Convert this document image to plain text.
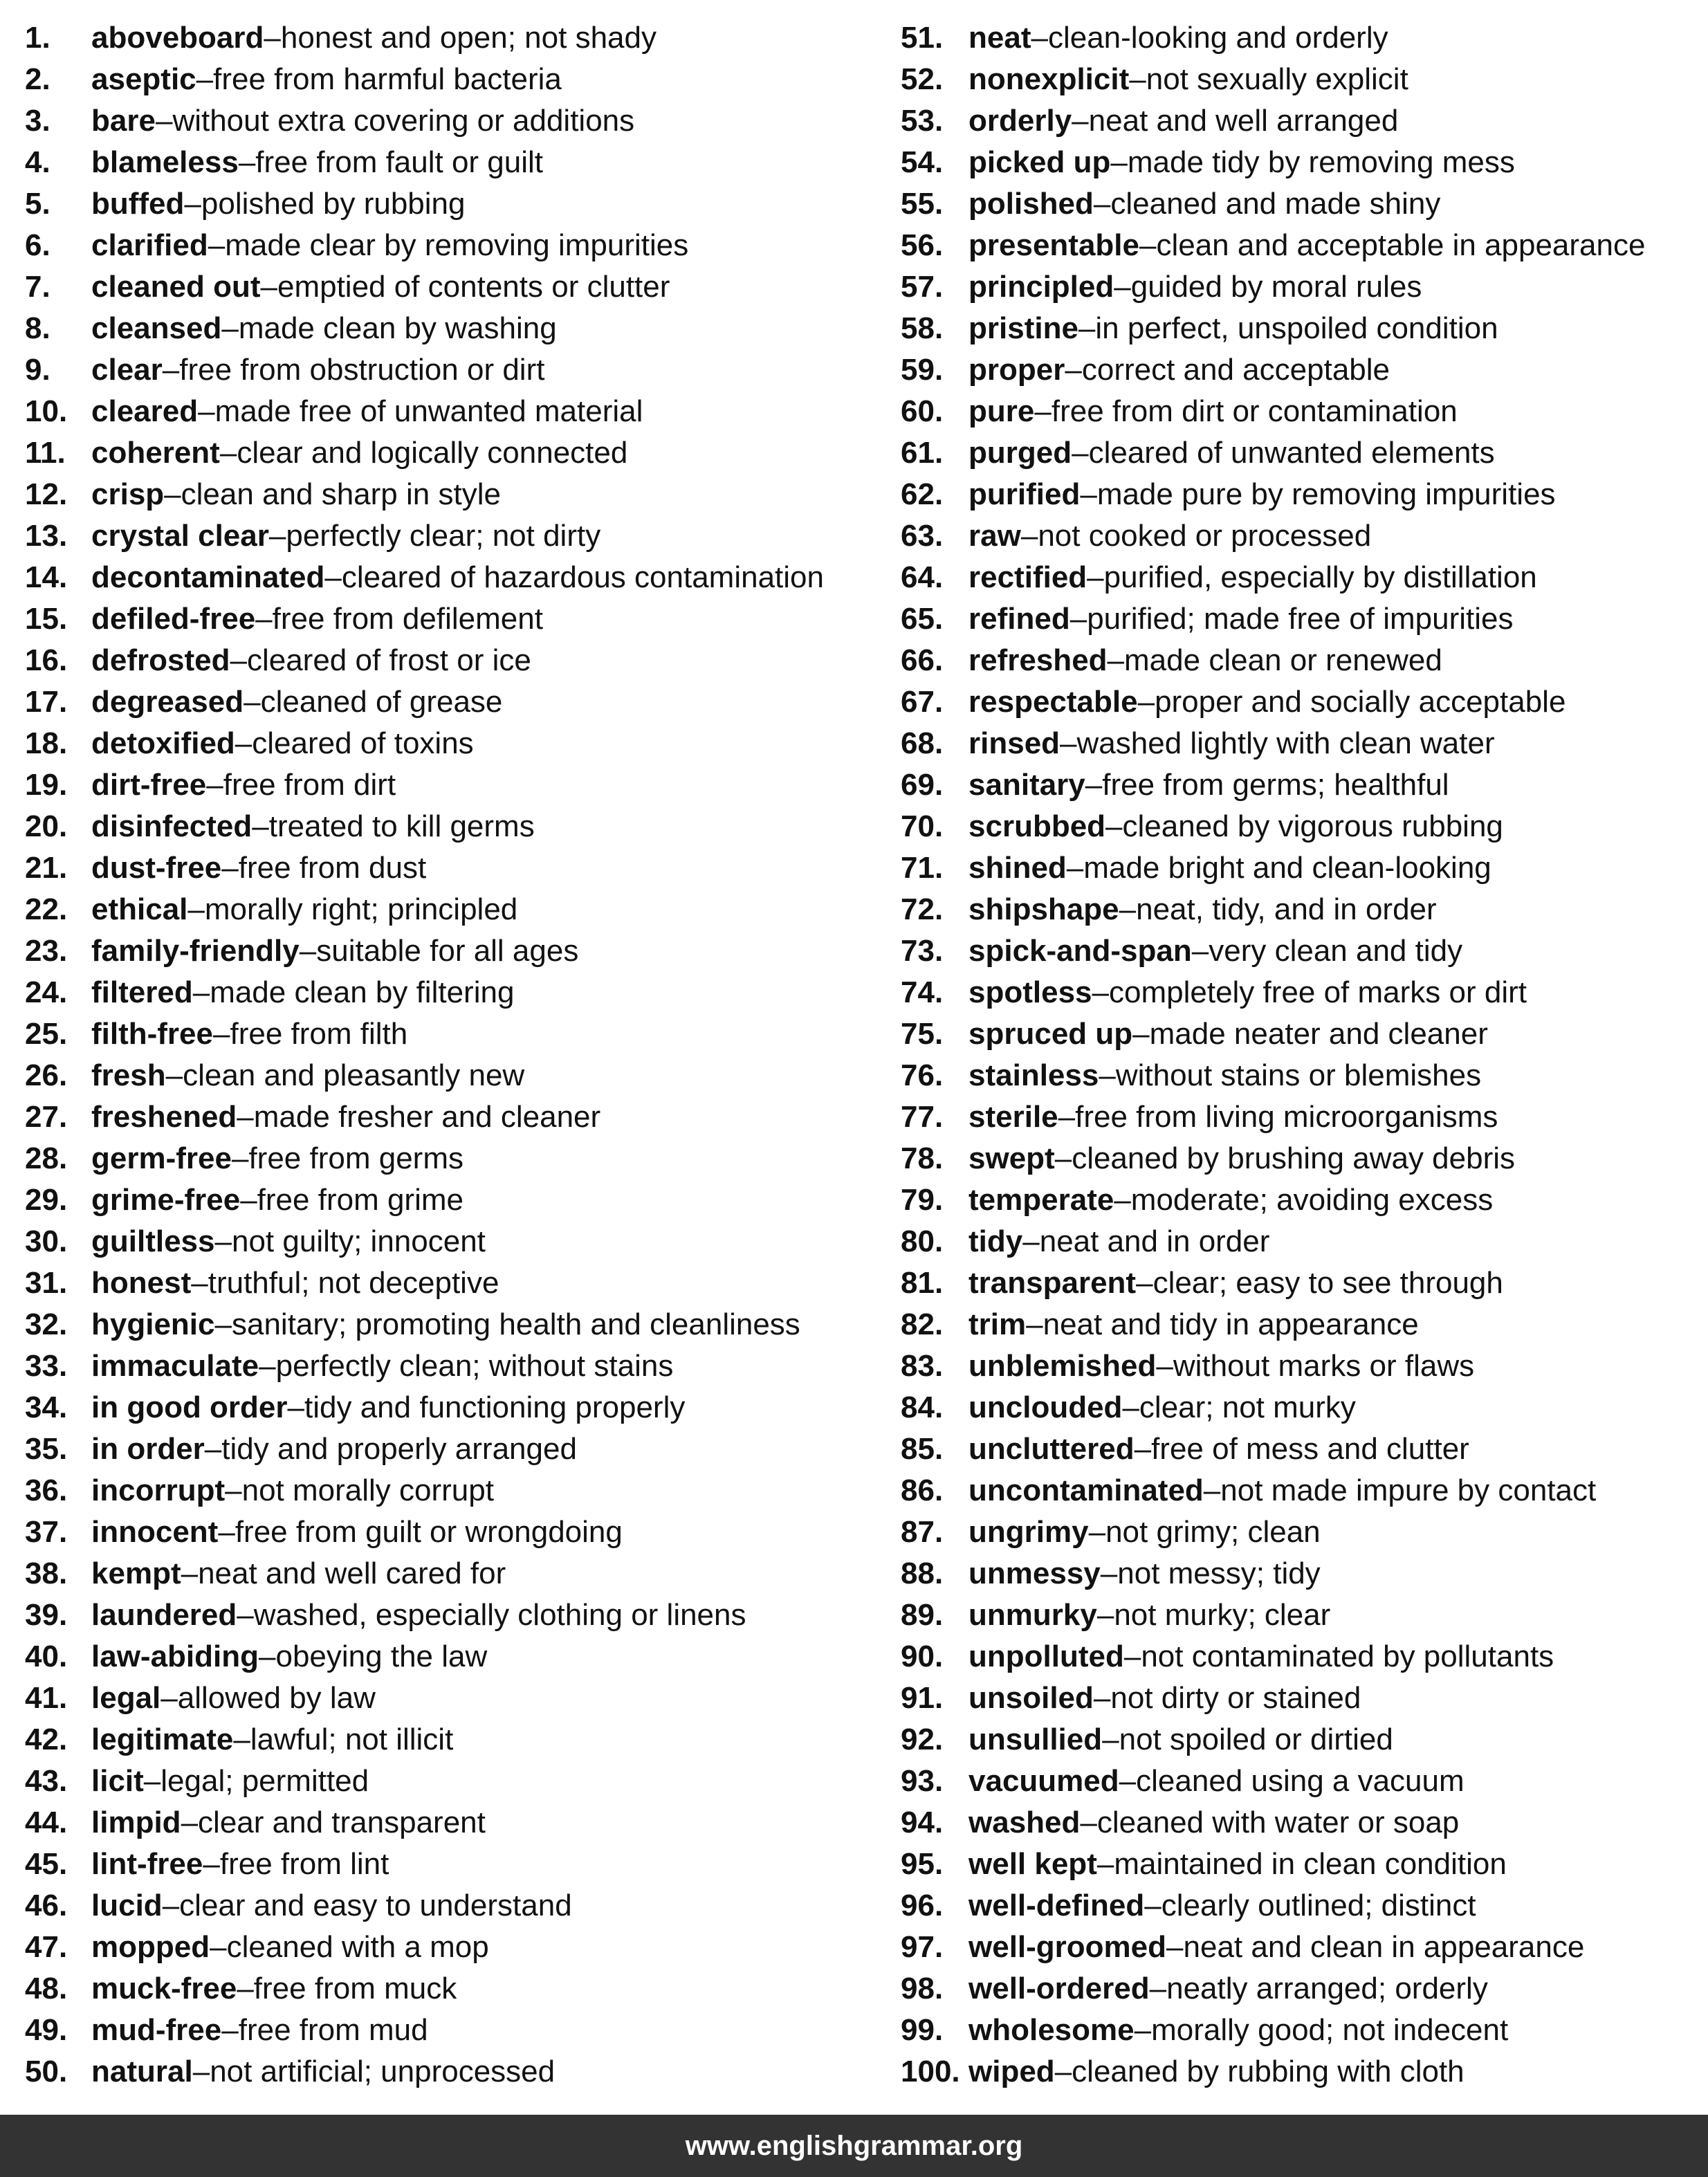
1.	aboveboard – honest and open; not shady
2.	aseptic – free from harmful bacteria
3.	bare – without extra covering or additions
4.	blameless – free from fault or guilt
5.	buffed – polished by rubbing
6.	clarified – made clear by removing impurities
7.	cleaned out – emptied of contents or clutter
8.	cleansed – made clean by washing
9.	clear – free from obstruction or dirt
10. cleared – made free of unwanted material
11. coherent – clear and logically connected
12. crisp – clean and sharp in style
13. crystal clear – perfectly clear; not dirty
14. decontaminated – cleared of hazardous contamination
15. defiled-free – free from defilement
16. defrosted – cleared of frost or ice
17. degreased – cleaned of grease
18. detoxified – cleared of toxins
19. dirt-free – free from dirt
20. disinfected – treated to kill germs
21. dust-free – free from dust
22. ethical – morally right; principled
23. family-friendly – suitable for all ages
24. filtered – made clean by filtering
25. filth-free – free from filth
26. fresh – clean and pleasantly new
27. freshened – made fresher and cleaner
28. germ-free – free from germs
29. grime-free – free from grime
30. guiltless – not guilty; innocent
31. honest – truthful; not deceptive
32. hygienic – sanitary; promoting health and cleanliness
33. immaculate – perfectly clean; without stains
34. in good order – tidy and functioning properly
35. in order – tidy and properly arranged
36. incorrupt – not morally corrupt
37. innocent – free from guilt or wrongdoing
38. kempt – neat and well cared for
39. laundered – washed, especially clothing or linens
40. law-abiding – obeying the law
41. legal – allowed by law
42. legitimate – lawful; not illicit
43. licit – legal; permitted
44. limpid – clear and transparent
45. lint-free – free from lint
46. lucid – clear and easy to understand
47. mopped – cleaned with a mop
48. muck-free – free from muck
49. mud-free – free from mud
50. natural – not artificial; unprocessed
51. neat – clean-looking and orderly
52. nonexplicit – not sexually explicit
53. orderly – neat and well arranged
54. picked up – made tidy by removing mess
55. polished – cleaned and made shiny
56. presentable – clean and acceptable in appearance
57. principled – guided by moral rules
58. pristine – in perfect, unspoiled condition
59. proper – correct and acceptable
60. pure – free from dirt or contamination
61. purged – cleared of unwanted elements
62. purified – made pure by removing impurities
63. raw – not cooked or processed
64. rectified – purified, especially by distillation
65. refined – purified; made free of impurities
66. refreshed – made clean or renewed
67. respectable – proper and socially acceptable
68. rinsed – washed lightly with clean water
69. sanitary – free from germs; healthful
70. scrubbed – cleaned by vigorous rubbing
71. shined – made bright and clean-looking
72. shipshape – neat, tidy, and in order
73. spick-and-span – very clean and tidy
74. spotless – completely free of marks or dirt
75. spruced up – made neater and cleaner
76. stainless – without stains or blemishes
77. sterile – free from living microorganisms
78. swept – cleaned by brushing away debris
79. temperate – moderate; avoiding excess
80. tidy – neat and in order
81. transparent – clear; easy to see through
82. trim – neat and tidy in appearance
83. unblemished – without marks or flaws
84. unclouded – clear; not murky
85. uncluttered – free of mess and clutter
86. uncontaminated – not made impure by contact
87. ungrimy – not grimy; clean
88. unmessy – not messy; tidy
89. unmurky – not murky; clear
90. unpolluted – not contaminated by pollutants
91. unsoiled – not dirty or stained
92. unsullied – not spoiled or dirtied
93. vacuumed – cleaned using a vacuum
94. washed – cleaned with water or soap
95. well kept – maintained in clean condition
96. well-defined – clearly outlined; distinct
97. well-groomed – neat and clean in appearance
98. well-ordered – neatly arranged; orderly
99. wholesome – morally good; not indecent
100. wiped – cleaned by rubbing with cloth
www.englishgrammar.org
